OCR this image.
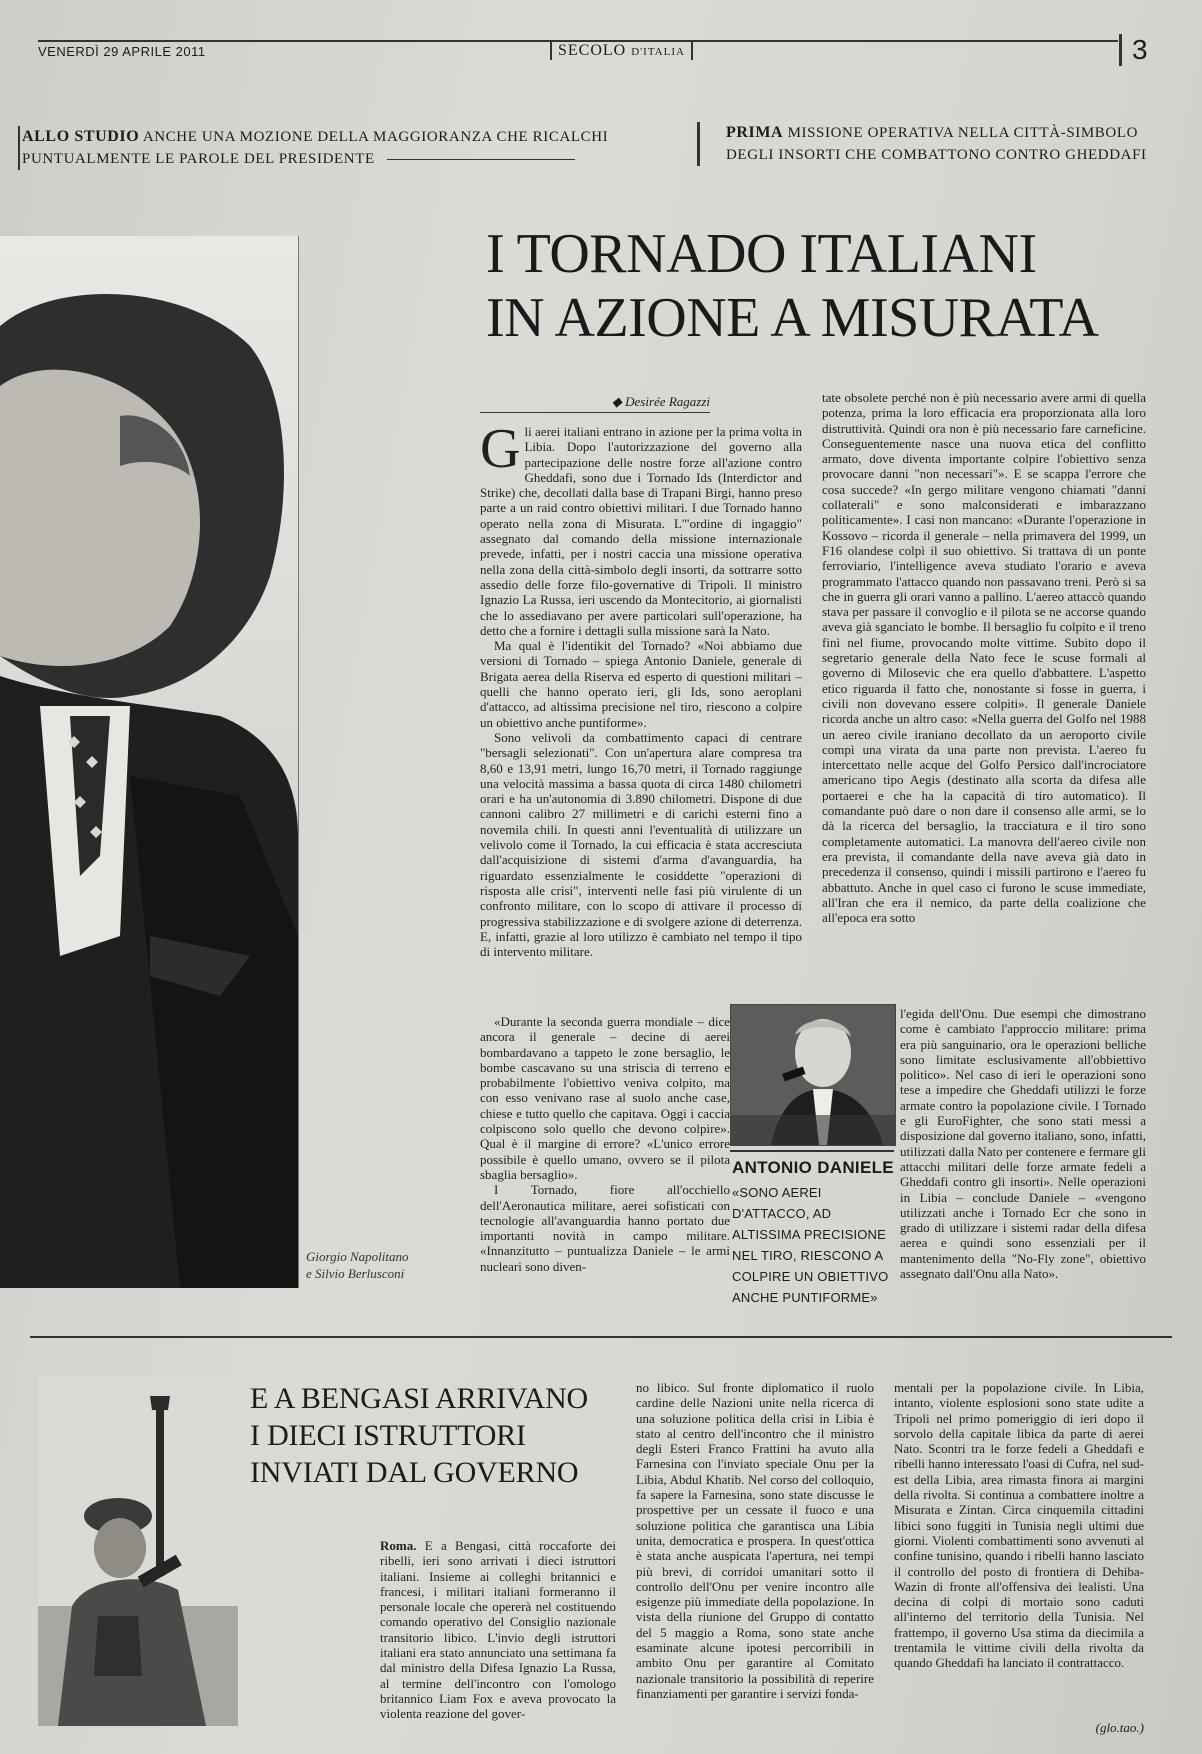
VENERDÌ 29 APRILE 2011	SECOLO D'ITALIA	3
ALLO STUDIO ANCHE UNA MOZIONE DELLA MAGGIORANZA CHE RICALCHI PUNTUALMENTE LE PAROLE DEL PRESIDENTE
PRIMA MISSIONE OPERATIVA NELLA CITTÀ-SIMBOLO DEGLI INSORTI CHE COMBATTONO CONTRO GHEDDAFI
Giorgio Napolitano
e Silvio Berlusconi
I TORNADO ITALIANI
IN AZIONE A MISURATA
◆ Desirée Ragazzi

Gli aerei italiani entrano in azione per la prima volta in Libia. Dopo l'autorizzazione del governo alla partecipazione delle nostre forze all'azione contro Gheddafi, sono due i Tornado Ids (Interdictor and Strike) che, decollati dalla base di Trapani Birgi, hanno preso parte a un raid contro obiettivi militari. I due Tornado hanno operato nella zona di Misurata. L'"ordine di ingaggio" assegnato dal comando della missione internazionale prevede, infatti, per i nostri caccia una missione operativa nella zona della città-simbolo degli insorti, da sottrarre sotto assedio delle forze filo-governative di Tripoli. Il ministro Ignazio La Russa, ieri uscendo da Montecitorio, ai giornalisti che lo assediavano per avere particolari sull'operazione, ha detto che a fornire i dettagli sulla missione sarà la Nato.

Ma qual è l'identikit del Tornado? «Noi abbiamo due versioni di Tornado – spiega Antonio Daniele, generale di Brigata aerea della Riserva ed esperto di questioni militari – quelli che hanno operato ieri, gli Ids, sono aeroplani d'attacco, ad altissima precisione nel tiro, riescono a colpire un obiettivo anche puntiforme».

Sono velivoli da combattimento capaci di centrare "bersagli selezionati". Con un'apertura alare compresa tra 8,60 e 13,91 metri, lungo 16,70 metri, il Tornado raggiunge una velocità massima a bassa quota di circa 1480 chilometri orari e ha un'autonomia di 3.890 chilometri. Dispone di due cannoni calibro 27 millimetri e di carichi esterni fino a novemila chili. In questi anni l'eventualità di utilizzare un velivolo come il Tornado, la cui efficacia è stata accresciuta dall'acquisizione di sistemi d'arma d'avanguardia, ha riguardato essenzialmente le cosiddette "operazioni di risposta alle crisi", interventi nelle fasi più virulente di un confronto militare, con lo scopo di attivare il processo di progressiva stabilizzazione e di svolgere azione di deterrenza. E, infatti, grazie al loro utilizzo è cambiato nel tempo il tipo di intervento militare.

tate obsolete perché non è più necessario avere armi di quella potenza, prima la loro efficacia era proporzionata alla loro distruttività. Quindi ora non è più necessario fare carneficine. Conseguentemente nasce una nuova etica del conflitto armato, dove diventa importante colpire l'obiettivo senza provocare danni "non necessari"». E se scappa l'errore che cosa succede? «In gergo militare vengono chiamati "danni collaterali" e sono malconsiderati e imbarazzano politicamente». I casi non mancano: «Durante l'operazione in Kossovo – ricorda il generale – nella primavera del 1999, un F16 olandese colpì il suo obiettivo. Si trattava di un ponte ferroviario, l'intelligence aveva studiato l'orario e aveva programmato l'attacco quando non passavano treni. Però si sa che in guerra gli orari vanno a pallino. L'aereo attaccò quando stava per passare il convoglio e il pilota se ne accorse quando aveva già sganciato le bombe. Il bersaglio fu colpito e il treno finì nel fiume, provocando molte vittime. Subito dopo il segretario generale della Nato fece le scuse formali al governo di Milosevic che era quello d'abbattere. L'aspetto etico riguarda il fatto che, nonostante si fosse in guerra, i civili non dovevano essere colpiti». Il generale Daniele ricorda anche un altro caso: «Nella guerra del Golfo nel 1988 un aereo civile iraniano decollato da un aeroporto civile compì una virata da una parte non prevista. L'aereo fu intercettato nelle acque del Golfo Persico dall'incrociatore americano tipo Aegis (destinato alla scorta da difesa alle portaerei e che ha la capacità di tiro automatico). Il comandante può dare o non dare il consenso alle armi, se lo dà la ricerca del bersaglio, la tracciatura e il tiro sono completamente automatici. La manovra dell'aereo civile non era prevista, il comandante della nave aveva già dato in precedenza il consenso, quindi i missili partirono e l'aereo fu abbattuto. Anche in quel caso ci furono le scuse immediate, all'Iran che era il nemico, da parte della coalizione che all'epoca era sotto

«Durante la seconda guerra mondiale – dice ancora il generale – decine di aerei bombardavano a tappeto le zone bersaglio, le bombe cascavano su una striscia di terreno e probabilmente l'obiettivo veniva colpito, ma con esso venivano rase al suolo anche case, chiese e tutto quello che capitava. Oggi i caccia colpiscono solo quello che devono colpire». Qual è il margine di errore? «L'unico errore possibile è quello umano, ovvero se il pilota sbaglia bersaglio».

I Tornado, fiore all'occhiello dell'Aeronautica militare, aerei sofisticati con tecnologie all'avanguardia hanno portato due importanti novità in campo militare. «Innanzitutto – puntualizza Daniele – le armi nucleari sono diven-

l'egida dell'Onu. Due esempi che dimostrano come è cambiato l'approccio militare: prima era più sanguinario, ora le operazioni belliche sono limitate esclusivamente all'obbiettivo politico». Nel caso di ieri le operazioni sono tese a impedire che Gheddafi utilizzi le forze armate contro la popolazione civile. I Tornado e gli EuroFighter, che sono stati messi a disposizione dal governo italiano, sono, infatti, utilizzati dalla Nato per contenere e fermare gli attacchi militari delle forze armate fedeli a Gheddafi contro gli insorti». Nelle operazioni in Libia – conclude Daniele – «vengono utilizzati anche i Tornado Ecr che sono in grado di utilizzare i sistemi radar della difesa aerea e quindi sono essenziali per il mantenimento della "No-Fly zone", obiettivo assegnato dall'Onu alla Nato».

ANTONIO DANIELE
«SONO AEREI D'ATTACCO, AD ALTISSIMA PRECISIONE NEL TIRO, RIESCONO A COLPIRE UN OBIETTIVO ANCHE PUNTIFORME»
E A BENGASI ARRIVANO
I DIECI ISTRUTTORI
INVIATI DAL GOVERNO

Roma. E a Bengasi, città roccaforte dei ribelli, ieri sono arrivati i dieci istruttori italiani. Insieme ai colleghi britannici e francesi, i militari italiani formeranno il personale locale che opererà nel costituendo comando operativo del Consiglio nazionale transitorio libico. L'invio degli istruttori italiani era stato annunciato una settimana fa dal ministro della Difesa Ignazio La Russa, al termine dell'incontro con l'omologo britannico Liam Fox e aveva provocato la violenta reazione del gover-

no libico. Sul fronte diplomatico il ruolo cardine delle Nazioni unite nella ricerca di una soluzione politica della crisi in Libia è stato al centro dell'incontro che il ministro degli Esteri Franco Frattini ha avuto alla Farnesina con l'inviato speciale Onu per la Libia, Abdul Khatib. Nel corso del colloquio, fa sapere la Farnesina, sono state discusse le prospettive per un cessate il fuoco e una soluzione politica che garantisca una Libia unita, democratica e prospera. In quest'ottica è stata anche auspicata l'apertura, nei tempi più brevi, di corridoi umanitari sotto il controllo dell'Onu per venire incontro alle esigenze più immediate della popolazione. In vista della riunione del Gruppo di contatto del 5 maggio a Roma, sono state anche esaminate alcune ipotesi percorribili in ambito Onu per garantire al Comitato nazionale transitorio la possibilità di reperire finanziamenti per garantire i servizi fonda-

mentali per la popolazione civile. In Libia, intanto, violente esplosioni sono state udite a Tripoli nel primo pomeriggio di ieri dopo il sorvolo della capitale libica da parte di aerei Nato. Scontri tra le forze fedeli a Gheddafi e ribelli hanno interessato l'oasi di Cufra, nel sud-est della Libia, area rimasta finora ai margini della rivolta. Si continua a combattere inoltre a Misurata e Zintan. Circa cinquemila cittadini libici sono fuggiti in Tunisia negli ultimi due giorni. Violenti combattimenti sono avvenuti al confine tunisino, quando i ribelli hanno lasciato il controllo del posto di frontiera di Dehiba-Wazin di fronte all'offensiva dei lealisti. Una decina di colpi di mortaio sono caduti all'interno del territorio della Tunisia. Nel frattempo, il governo Usa stima da diecimila a trentamila le vittime civili della rivolta da quando Gheddafi ha lanciato il contrattacco.

(glo.tao.)
